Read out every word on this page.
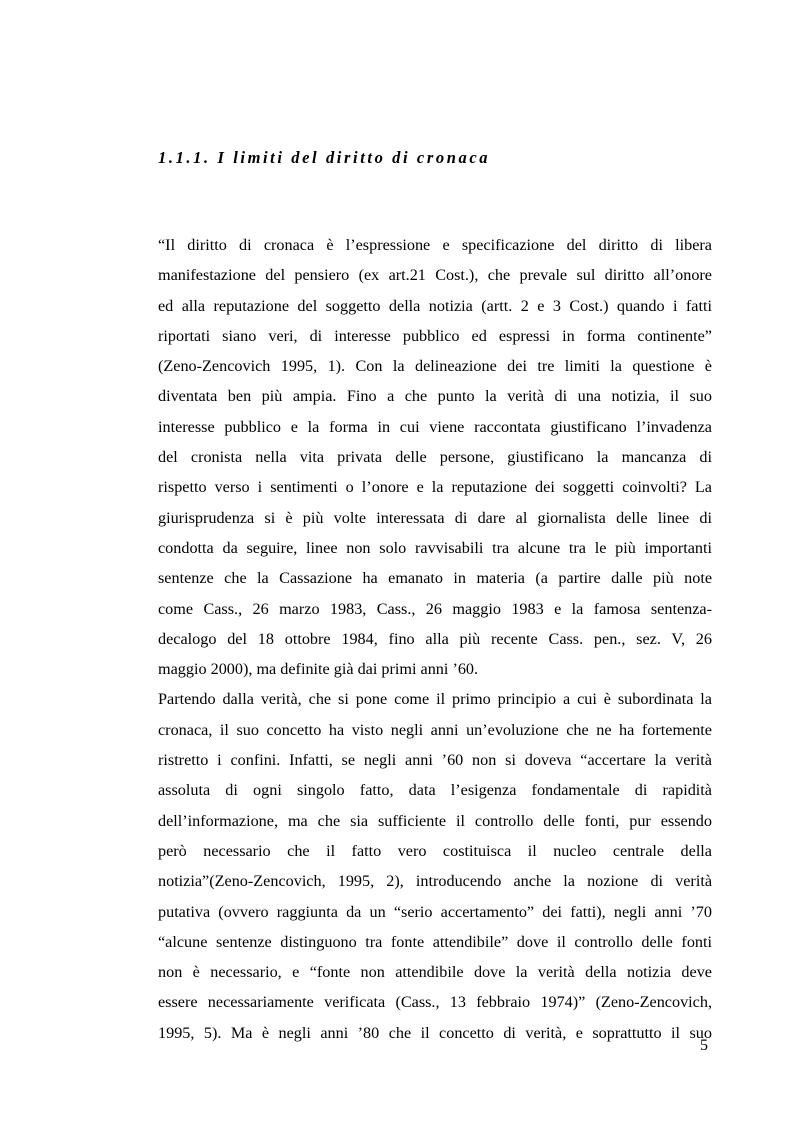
1.1.1. I limiti del diritto di cronaca

“Il diritto di cronaca è l’espressione e specificazione del diritto di libera
manifestazione del pensiero (ex art.21 Cost.), che prevale sul diritto all’onore
ed alla reputazione del soggetto della notizia (artt. 2 e 3 Cost.) quando i fatti
riportati siano veri, di interesse pubblico ed espressi in forma continente”
(Zeno-Zencovich 1995, 1). Con la delineazione dei tre limiti la questione è
diventata ben più ampia. Fino a che punto la verità di una notizia, il suo
interesse pubblico e la forma in cui viene raccontata giustificano l’invadenza
del cronista nella vita privata delle persone, giustificano la mancanza di
rispetto verso i sentimenti o l’onore e la reputazione dei soggetti coinvolti? La
giurisprudenza si è più volte interessata di dare al giornalista delle linee di
condotta da seguire, linee non solo ravvisabili tra alcune tra le più importanti
sentenze che la Cassazione ha emanato in materia (a partire dalle più note
come Cass., 26 marzo 1983, Cass., 26 maggio 1983 e la famosa sentenza-
decalogo del 18 ottobre 1984, fino alla più recente Cass. pen., sez. V, 26
maggio 2000), ma definite già dai primi anni ’60.

Partendo dalla verità, che si pone come il primo principio a cui è subordinata la
cronaca, il suo concetto ha visto negli anni un’evoluzione che ne ha fortemente
ristretto i confini. Infatti, se negli anni ’60 non si doveva “accertare la verità
assoluta di ogni singolo fatto, data l’esigenza fondamentale di rapidità
dell’informazione, ma che sia sufficiente il controllo delle fonti, pur essendo
però necessario che il fatto vero costituisca il nucleo centrale della
notizia”(Zeno-Zencovich, 1995, 2), introducendo anche la nozione di verità
putativa (ovvero raggiunta da un “serio accertamento” dei fatti), negli anni ’70
“alcune sentenze distinguono tra fonte attendibile” dove il controllo delle fonti
non è necessario, e “fonte non attendibile dove la verità della notizia deve
essere necessariamente verificata (Cass., 13 febbraio 1974)” (Zeno-Zencovich,
1995, 5). Ma è negli anni ’80 che il concetto di verità, e soprattutto il suo

5
